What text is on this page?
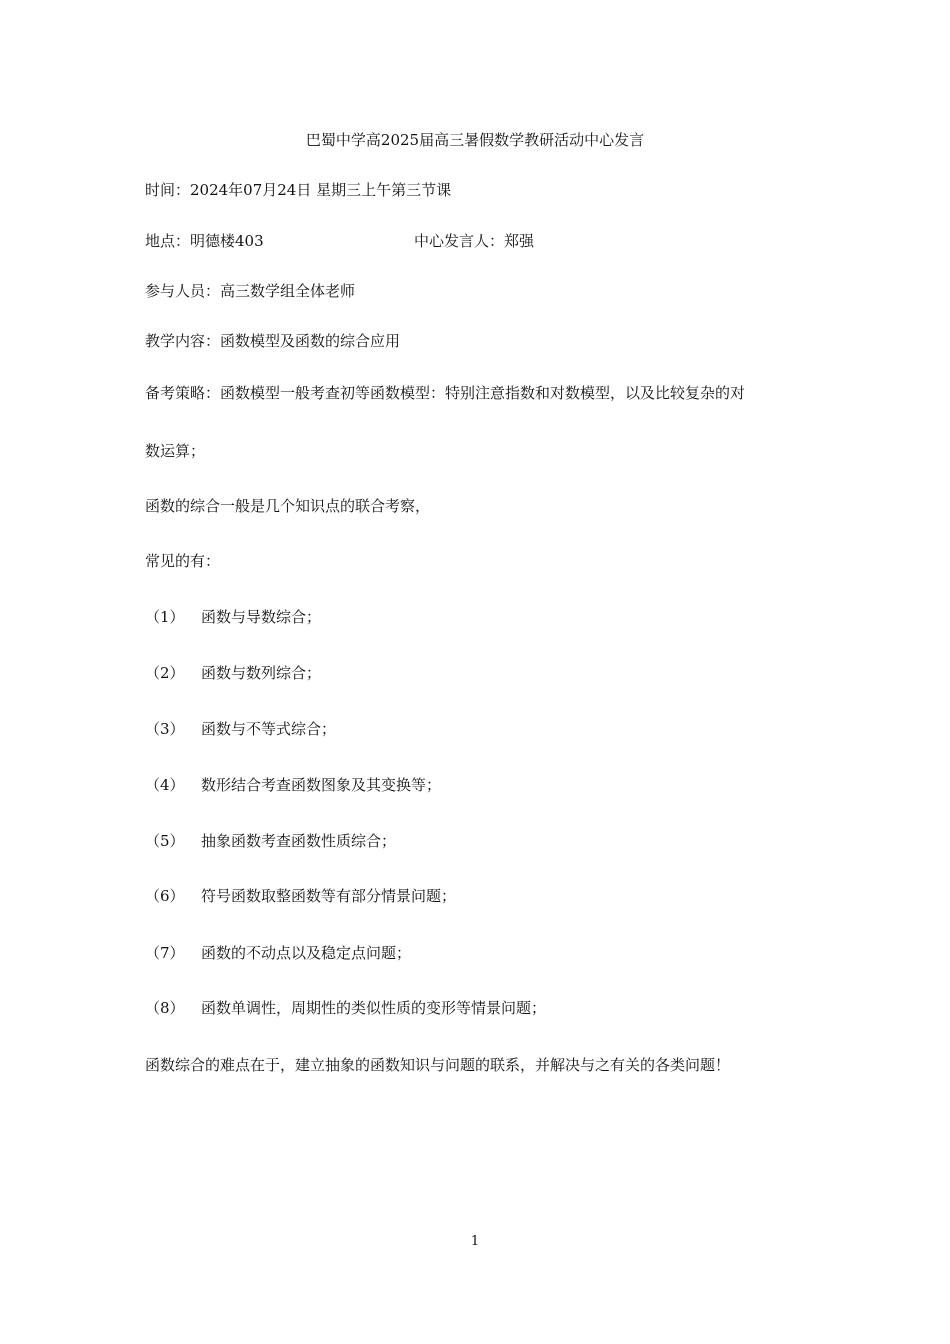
巴蜀中学高2025届高三暑假数学教研活动中心发言
时间：2024年07月24日 星期三上午第三节课
地点：明德楼403	中心发言人：郑强
参与人员：高三数学组全体老师
教学内容：函数模型及函数的综合应用
备考策略：函数模型一般考查初等函数模型：特别注意指数和对数模型，以及比较复杂的对
数运算；
函数的综合一般是几个知识点的联合考察，
常见的有：
（1） 函数与导数综合；
（2） 函数与数列综合；
（3） 函数与不等式综合；
（4） 数形结合考查函数图象及其变换等；
（5） 抽象函数考查函数性质综合；
（6） 符号函数取整函数等有部分情景问题；
（7） 函数的不动点以及稳定点问题；
（8） 函数单调性，周期性的类似性质的变形等情景问题；
函数综合的难点在于，建立抽象的函数知识与问题的联系，并解决与之有关的各类问题！
1
